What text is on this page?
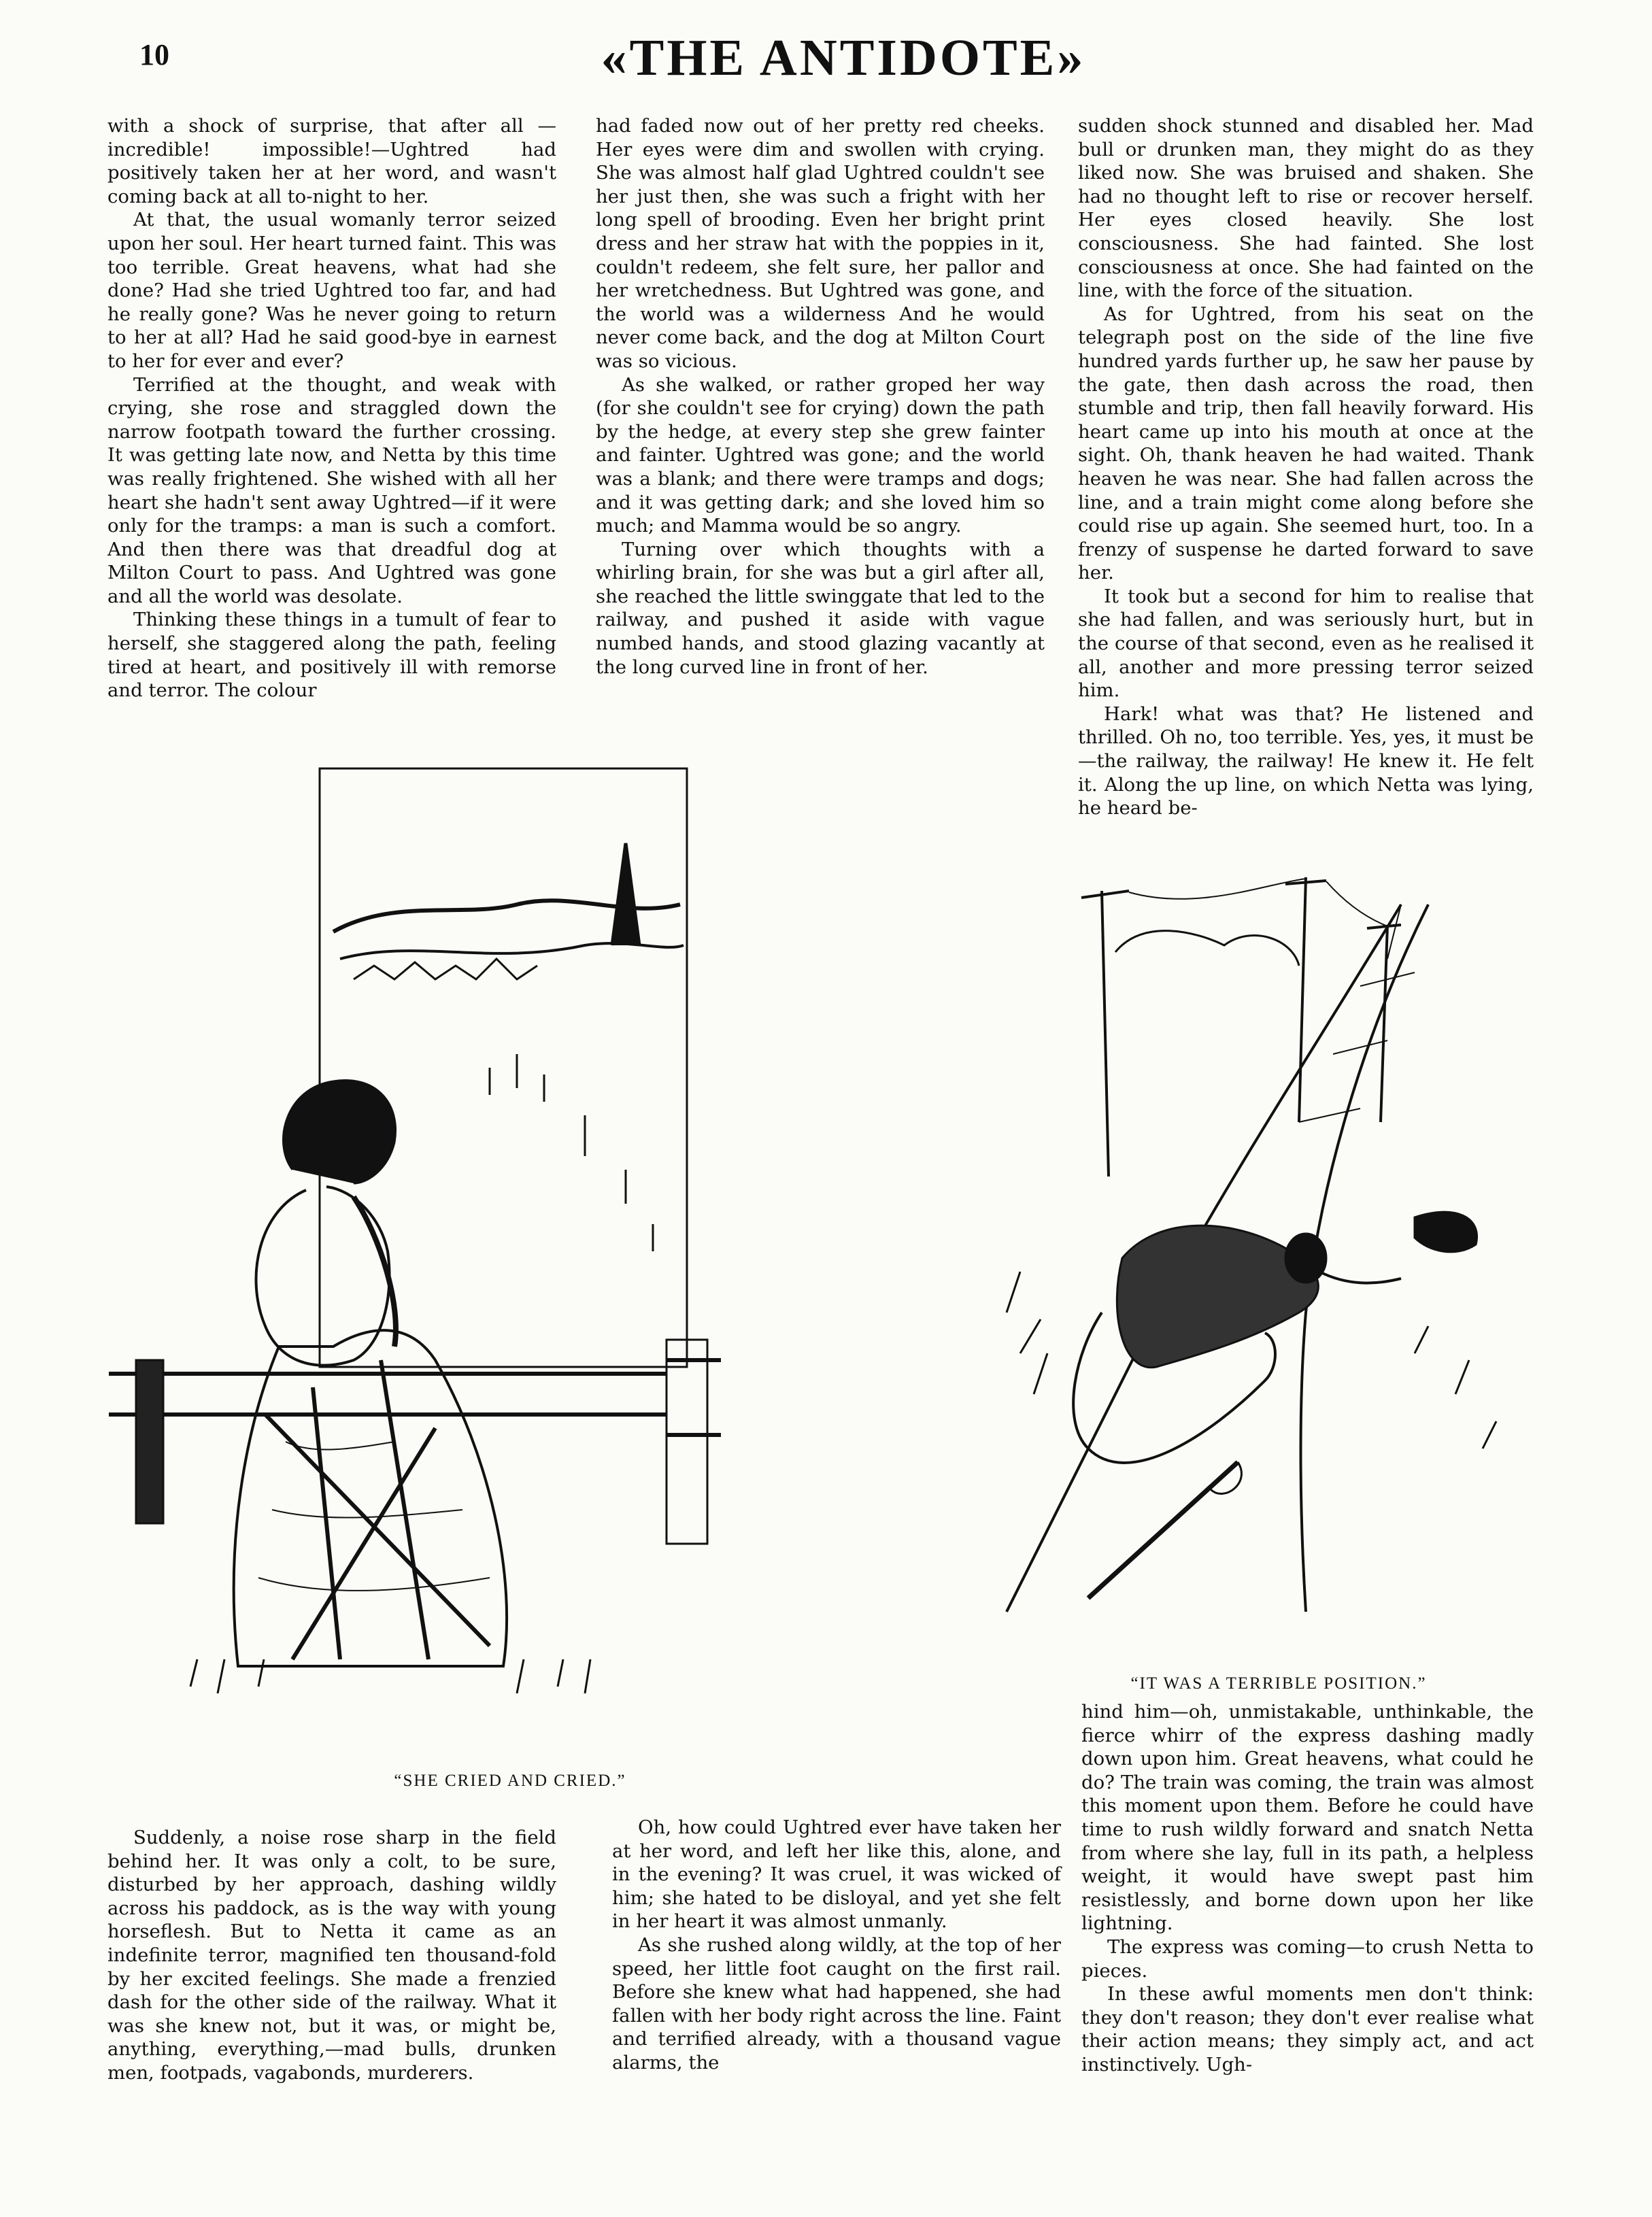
10	«THE ANTIDOTE»

with a shock of surprise, that after all —incredible! impossible!—Ughtred had positively taken her at her word, and wasn't coming back at all to-night to her.

At that, the usual womanly terror seized upon her soul. Her heart turned faint. This was too terrible. Great heavens, what had she done? Had she tried Ughtred too far, and had he really gone? Was he never going to return to her at all? Had he said good-bye in earnest to her for ever and ever?

Terrified at the thought, and weak with crying, she rose and straggled down the narrow footpath toward the further crossing. It was getting late now, and Netta by this time was really frightened. She wished with all her heart she hadn't sent away Ughtred—if it were only for the tramps: a man is such a comfort. And then there was that dreadful dog at Milton Court to pass. And Ughtred was gone and all the world was desolate.

Thinking these things in a tumult of fear to herself, she staggered along the path, feeling tired at heart, and positively ill with remorse and terror. The colour

had faded now out of her pretty red cheeks. Her eyes were dim and swollen with crying. She was almost half glad Ughtred couldn't see her just then, she was such a fright with her long spell of brooding. Even her bright print dress and her straw hat with the poppies in it, couldn't redeem, she felt sure, her pallor and her wretchedness. But Ughtred was gone, and the world was a wilderness And he would never come back, and the dog at Milton Court was so vicious.

As she walked, or rather groped her way (for she couldn't see for crying) down the path by the hedge, at every step she grew fainter and fainter. Ughtred was gone; and the world was a blank; and there were tramps and dogs; and it was getting dark; and she loved him so much; and Mamma would be so angry.

Turning over which thoughts with a whirling brain, for she was but a girl after all, she reached the little swinggate that led to the railway, and pushed it aside with vague numbed hands, and stood glazing vacantly at the long curved line in front of her.

sudden shock stunned and disabled her. Mad bull or drunken man, they might do as they liked now. She was bruised and shaken. She had no thought left to rise or recover herself. Her eyes closed heavily. She lost consciousness. She had fainted. She lost consciousness at once. She had fainted on the line, with the force of the situation.

As for Ughtred, from his seat on the telegraph post on the side of the line five hundred yards further up, he saw her pause by the gate, then dash across the road, then stumble and trip, then fall heavily forward. His heart came up into his mouth at once at the sight. Oh, thank heaven he had waited. Thank heaven he was near. She had fallen across the line, and a train might come along before she could rise up again. She seemed hurt, too. In a frenzy of suspense he darted forward to save her.

It took but a second for him to realise that she had fallen, and was seriously hurt, but in the course of that second, even as he realised it all, another and more pressing terror seized him.

Hark! what was that? He listened and thrilled. Oh no, too terrible. Yes, yes, it must be—the railway, the railway! He knew it. He felt it. Along the up line, on which Netta was lying, he heard be-

“SHE CRIED AND CRIED.”
“IT WAS A TERRIBLE POSITION.”

Suddenly, a noise rose sharp in the field behind her. It was only a colt, to be sure, disturbed by her approach, dashing wildly across his paddock, as is the way with young horseflesh. But to Netta it came as an indefinite terror, magnified ten thousand-fold by her excited feelings. She made a frenzied dash for the other side of the railway. What it was she knew not, but it was, or might be, anything, everything,—mad bulls, drunken men, footpads, vagabonds, murderers.

Oh, how could Ughtred ever have taken her at her word, and left her like this, alone, and in the evening? It was cruel, it was wicked of him; she hated to be disloyal, and yet she felt in her heart it was almost unmanly.

As she rushed along wildly, at the top of her speed, her little foot caught on the first rail. Before she knew what had happened, she had fallen with her body right across the line. Faint and terrified already, with a thousand vague alarms, the

hind him—oh, unmistakable, unthinkable, the fierce whirr of the express dashing madly down upon him. Great heavens, what could he do? The train was coming, the train was almost this moment upon them. Before he could have time to rush wildly forward and snatch Netta from where she lay, full in its path, a helpless weight, it would have swept past him resistlessly, and borne down upon her like lightning.

The express was coming—to crush Netta to pieces.

In these awful moments men don't think: they don't reason; they don't ever realise what their action means; they simply act, and act instinctively. Ugh-
